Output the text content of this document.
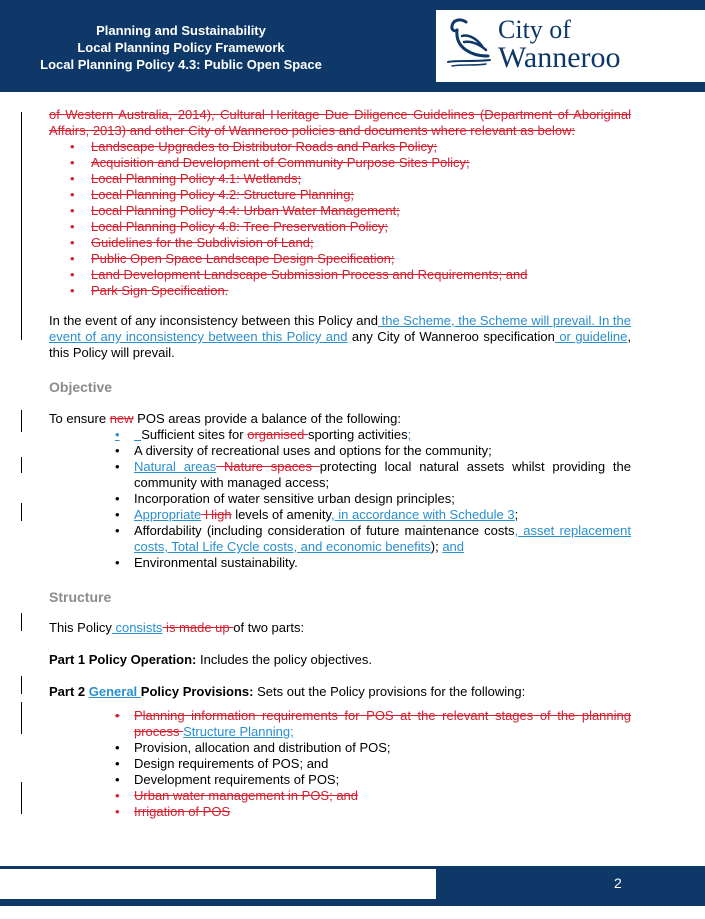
Planning and Sustainability
Local Planning Policy Framework
Local Planning Policy 4.3: Public Open Space
City of
Wanneroo

of Western Australia, 2014), Cultural Heritage Due Diligence Guidelines (Department of Aboriginal Affairs, 2013) and other City of Wanneroo policies and documents where relevant as below:

• Landscape Upgrades to Distributor Roads and Parks Policy;
• Acquisition and Development of Community Purpose Sites Policy;
• Local Planning Policy 4.1: Wetlands;
• Local Planning Policy 4.2: Structure Planning;
• Local Planning Policy 4.4: Urban Water Management;
• Local Planning Policy 4.8: Tree Preservation Policy;
• Guidelines for the Subdivision of Land;
• Public Open Space Landscape Design Specification;
• Land Development Landscape Submission Process and Requirements; and
• Park Sign Specification.

In the event of any inconsistency between this Policy and the Scheme, the Scheme will prevail. In the event of any inconsistency between this Policy and any City of Wanneroo specification or guideline, this Policy will prevail.

Objective

To ensure new POS areas provide a balance of the following:

• Sufficient sites for organised sporting activities;
• A diversity of recreational uses and options for the community;
• Natural areas Nature spaces protecting local natural assets whilst providing the community with managed access;
• Incorporation of water sensitive urban design principles;
• Appropriate High levels of amenity, in accordance with Schedule 3;
• Affordability (including consideration of future maintenance costs, asset replacement costs, Total Life Cycle costs, and economic benefits); and
• Environmental sustainability.

Structure

This Policy consists is made up of two parts:

Part 1 Policy Operation: Includes the policy objectives.

Part 2 General Policy Provisions: Sets out the Policy provisions for the following:

• Planning information requirements for POS at the relevant stages of the planning process Structure Planning;
• Provision, allocation and distribution of POS;
• Design requirements of POS; and
• Development requirements of POS;
• Urban water management in POS; and
• Irrigation of POS
2
